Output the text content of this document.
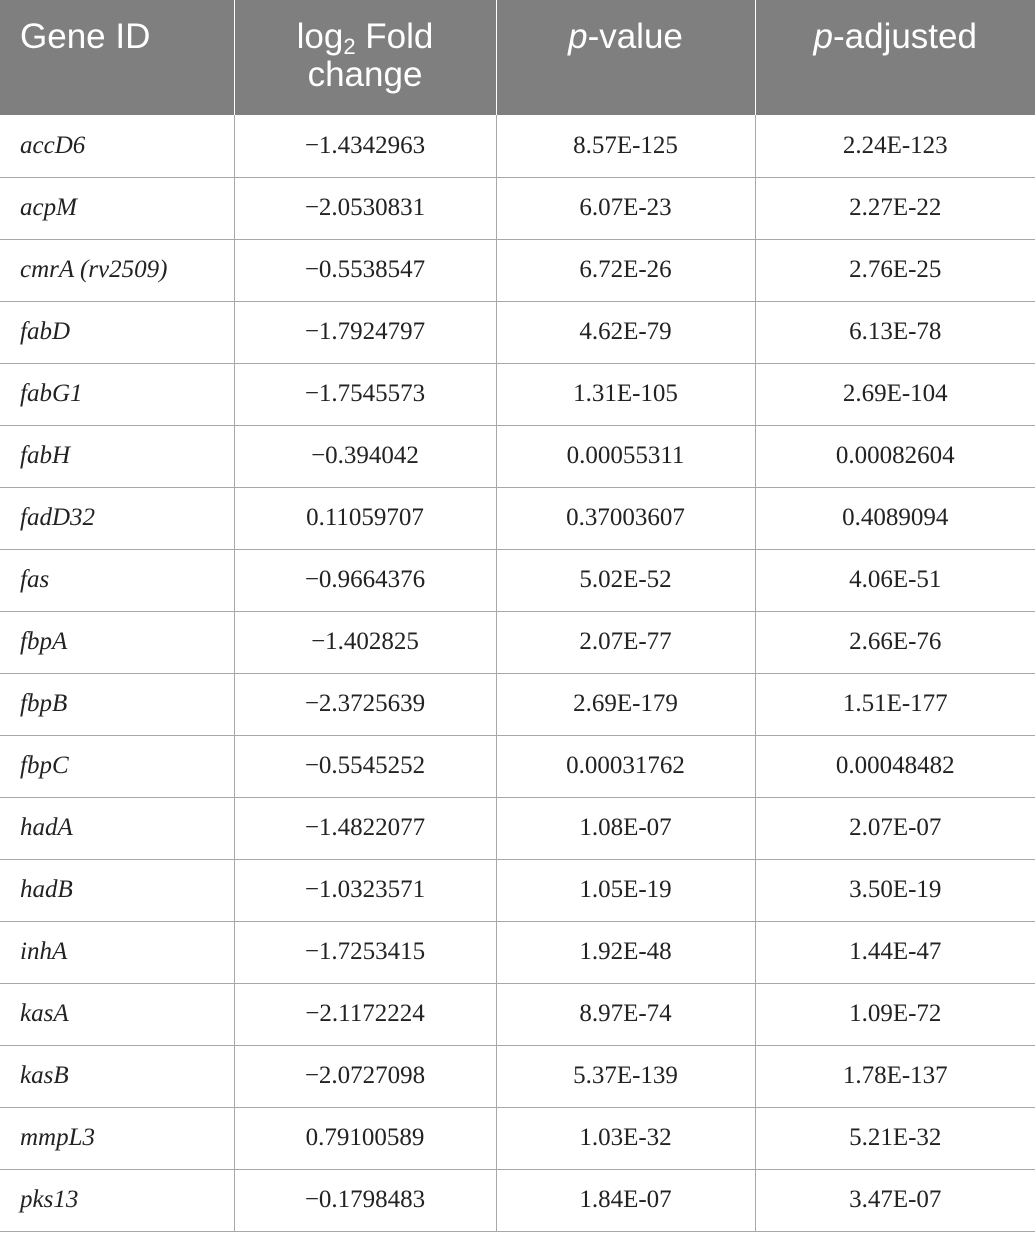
Gene ID	$\log_2$ Fold change	p-value	p-adjusted
accD6	−1.4342963	8.57E-125	2.24E-123
acpM	−2.0530831	6.07E-23	2.27E-22
cmrA (rv2509)	−0.5538547	6.72E-26	2.76E-25
fabD	−1.7924797	4.62E-79	6.13E-78
fabG1	−1.7545573	1.31E-105	2.69E-104
fabH	−0.394042	0.00055311	0.00082604
fadD32	0.11059707	0.37003607	0.4089094
fas	−0.9664376	5.02E-52	4.06E-51
fbpA	−1.402825	2.07E-77	2.66E-76
fbpB	−2.3725639	2.69E-179	1.51E-177
fbpC	−0.5545252	0.00031762	0.00048482
hadA	−1.4822077	1.08E-07	2.07E-07
hadB	−1.0323571	1.05E-19	3.50E-19
inhA	−1.7253415	1.92E-48	1.44E-47
kasA	−2.1172224	8.97E-74	1.09E-72
kasB	−2.0727098	5.37E-139	1.78E-137
mmpL3	0.79100589	1.03E-32	5.21E-32
pks13	−0.1798483	1.84E-07	3.47E-07
